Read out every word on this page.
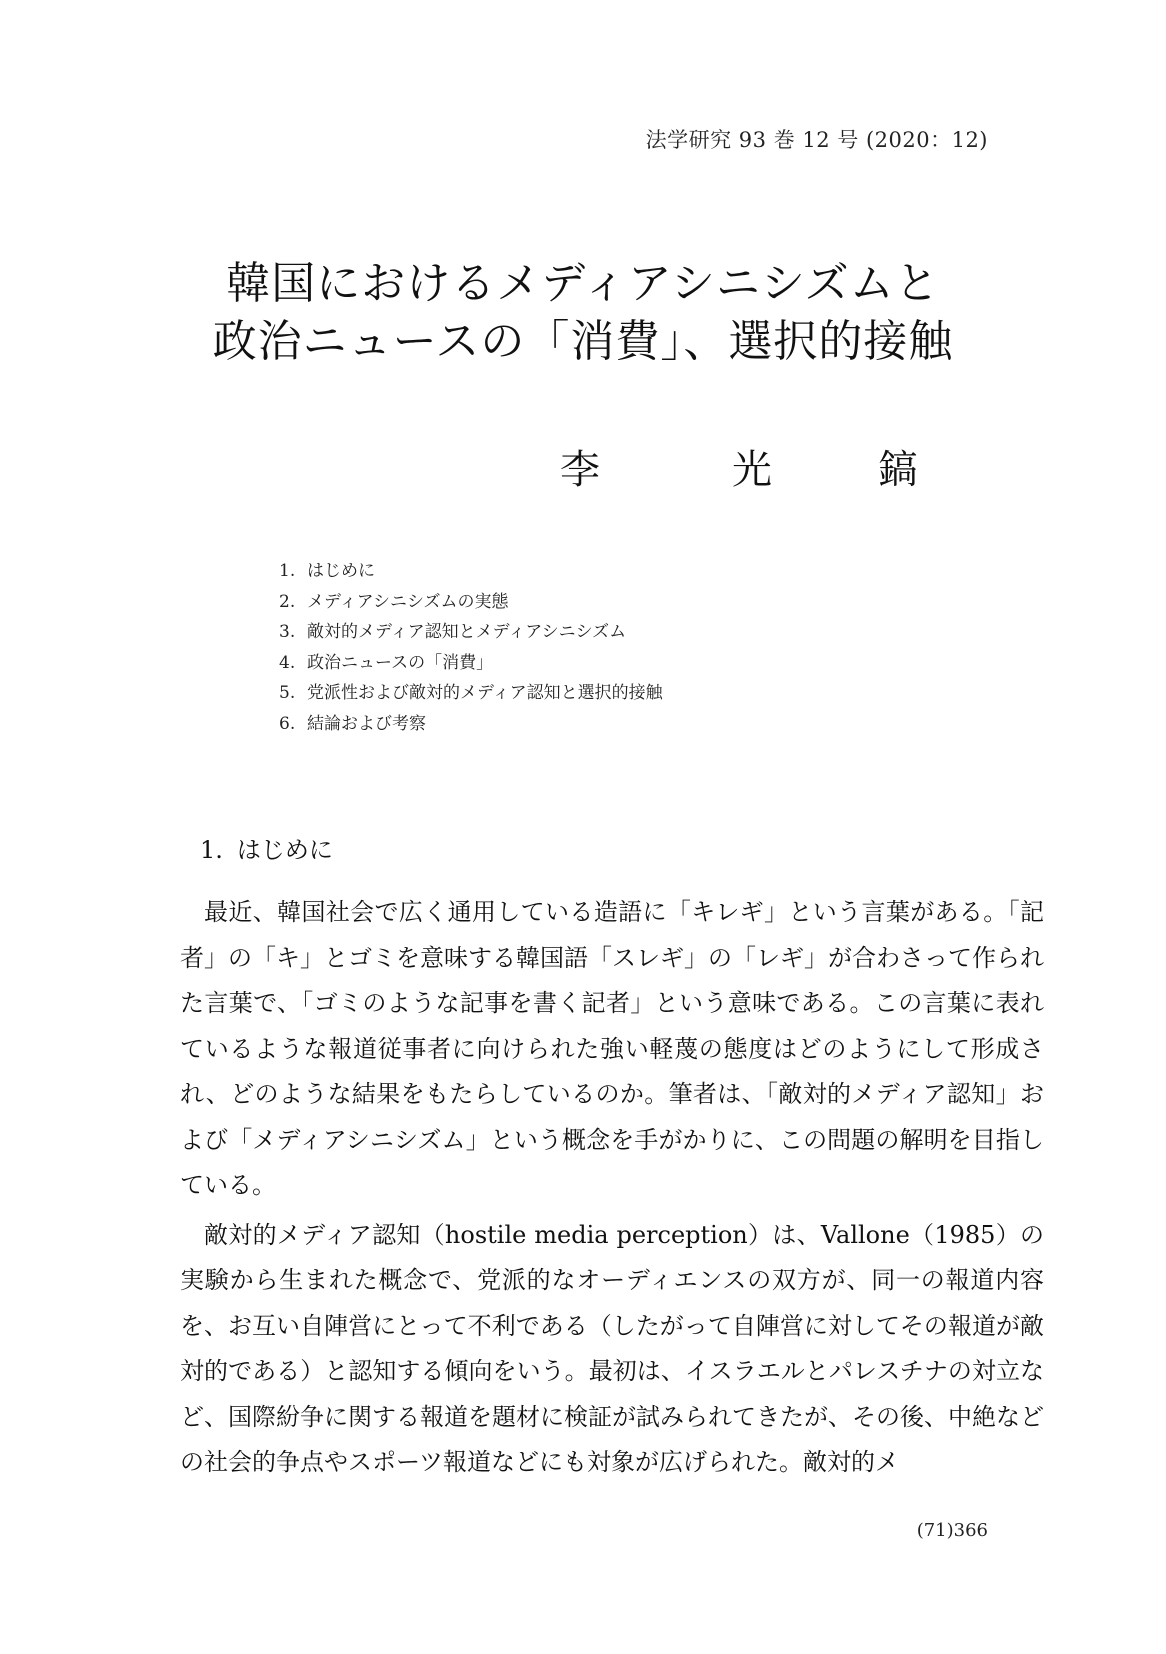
法学研究 93 巻 12 号 (2020：12)
韓国におけるメディアシニシズムと
政治ニュースの「消費」、選択的接触
李	光	鎬
1. はじめに
2. メディアシニシズムの実態
3. 敵対的メディア認知とメディアシニシズム
4. 政治ニュースの「消費」
5. 党派性および敵対的メディア認知と選択的接触
6. 結論および考察
1. はじめに

最近、韓国社会で広く通用している造語に「キレギ」という言葉がある。「記者」の「キ」とゴミを意味する韓国語「スレギ」の「レギ」が合わさって作られた言葉で、「ゴミのような記事を書く記者」という意味である。この言葉に表れているような報道従事者に向けられた強い軽蔑の態度はどのようにして形成され、どのような結果をもたらしているのか。筆者は、「敵対的メディア認知」および「メディアシニシズム」という概念を手がかりに、この問題の解明を目指している。

敵対的メディア認知（hostile media perception）は、Vallone（1985）の実験から生まれた概念で、党派的なオーディエンスの双方が、同一の報道内容を、お互い自陣営にとって不利である（したがって自陣営に対してその報道が敵対的である）と認知する傾向をいう。最初は、イスラエルとパレスチナの対立など、国際紛争に関する報道を題材に検証が試みられてきたが、その後、中絶などの社会的争点やスポーツ報道などにも対象が広げられた。敵対的メ

(71)366
